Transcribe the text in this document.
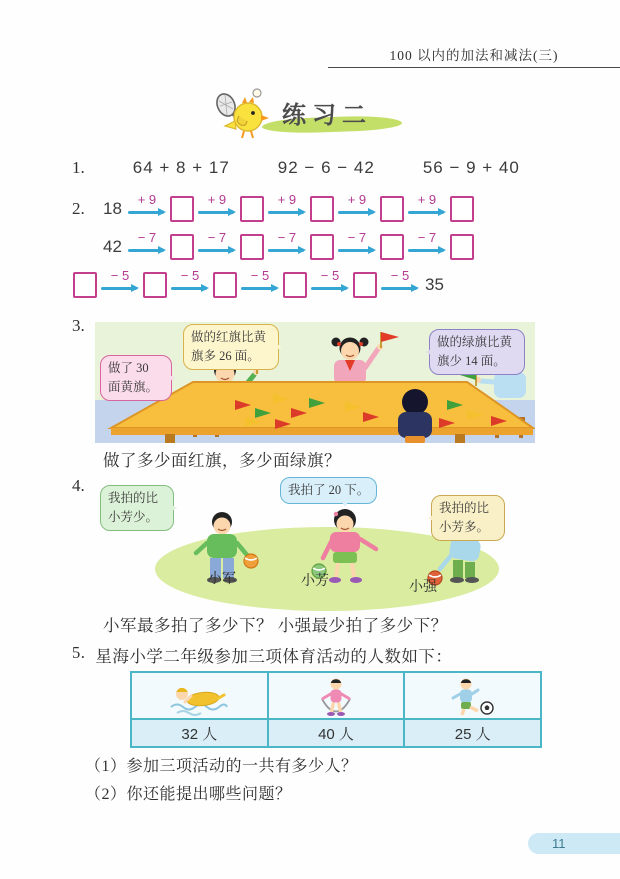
100 以内的加法和减法(三)
练习二
1.	64 + 8 + 17	92 − 6 − 42	56 − 9 + 40
2.	18	+ 9	+ 9	+ 9	+ 9	+ 9
42	− 7	− 7	− 7	− 7	− 7
− 5	− 5	− 5	− 5	− 5 35
3.
做了 30 面黄旗。
做的红旗比黄旗多 26 面。
做的绿旗比黄旗少 14 面。
做了多少面红旗，多少面绿旗？
4.
我拍的比小芳少。
我拍了 20 下。
我拍的比小芳多。
小军	小芳	小强
小军最多拍了多少下？ 小强最少拍了多少下？
5. 星海小学二年级参加三项体育活动的人数如下：
32 人	40 人	25 人
（1）参加三项活动的一共有多少人？
（2）你还能提出哪些问题？
11
